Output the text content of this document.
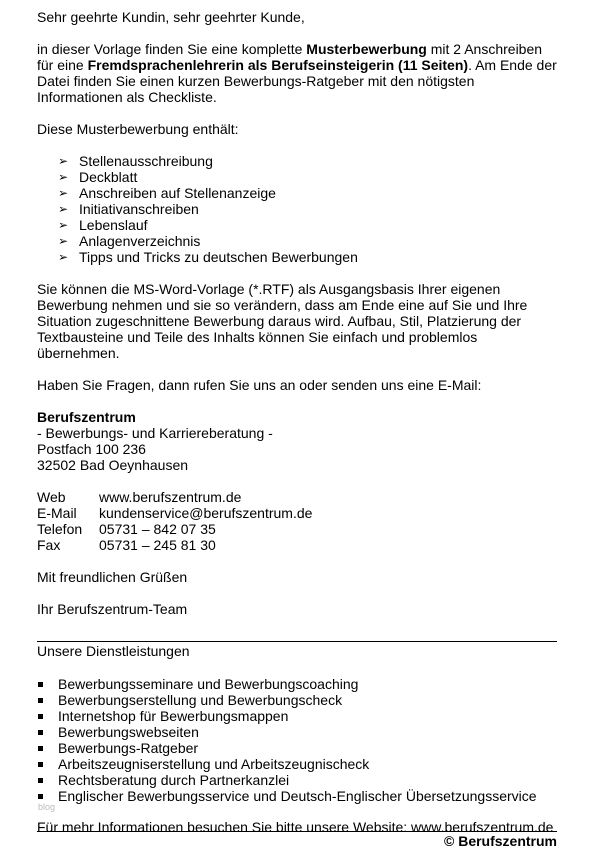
Sehr geehrte Kundin, sehr geehrter Kunde,

in dieser Vorlage finden Sie eine komplette Musterbewerbung mit 2 Anschreiben für eine Fremdsprachenlehrerin als Berufseinsteigerin (11 Seiten). Am Ende der Datei finden Sie einen kurzen Bewerbungs-Ratgeber mit den nötigsten Informationen als Checkliste.

Diese Musterbewerbung enthält:

➢ Stellenausschreibung
➢ Deckblatt
➢ Anschreiben auf Stellenanzeige
➢ Initiativanschreiben
➢ Lebenslauf
➢ Anlagenverzeichnis
➢ Tipps und Tricks zu deutschen Bewerbungen

Sie können die MS-Word-Vorlage (*.RTF) als Ausgangsbasis Ihrer eigenen Bewerbung nehmen und sie so verändern, dass am Ende eine auf Sie und Ihre Situation zugeschnittene Bewerbung daraus wird. Aufbau, Stil, Platzierung der Textbausteine und Teile des Inhalts können Sie einfach und problemlos übernehmen.

Haben Sie Fragen, dann rufen Sie uns an oder senden uns eine E-Mail:

Berufszentrum

- Bewerbungs- und Karriereberatung -

Postfach 100 236

32502 Bad Oeynhausen

Web	www.berufszentrum.de
E-Mail	kundenservice@berufszentrum.de
Telefon	05731 – 842 07 35
Fax	05731 – 245 81 30

Mit freundlichen Grüßen

Ihr Berufszentrum-Team

Unsere Dienstleistungen

Bewerbungsseminare und Bewerbungscoaching
Bewerbungserstellung und Bewerbungscheck
Internetshop für Bewerbungsmappen
Bewerbungswebseiten
Bewerbungs-Ratgeber
Arbeitszeugniserstellung und Arbeitszeugnischeck
Rechtsberatung durch Partnerkanzlei
Englischer Bewerbungsservice und Deutsch-Englischer Übersetzungsservice

Für mehr Informationen besuchen Sie bitte unsere Website: www.berufszentrum.de

blog
© Berufszentrum
